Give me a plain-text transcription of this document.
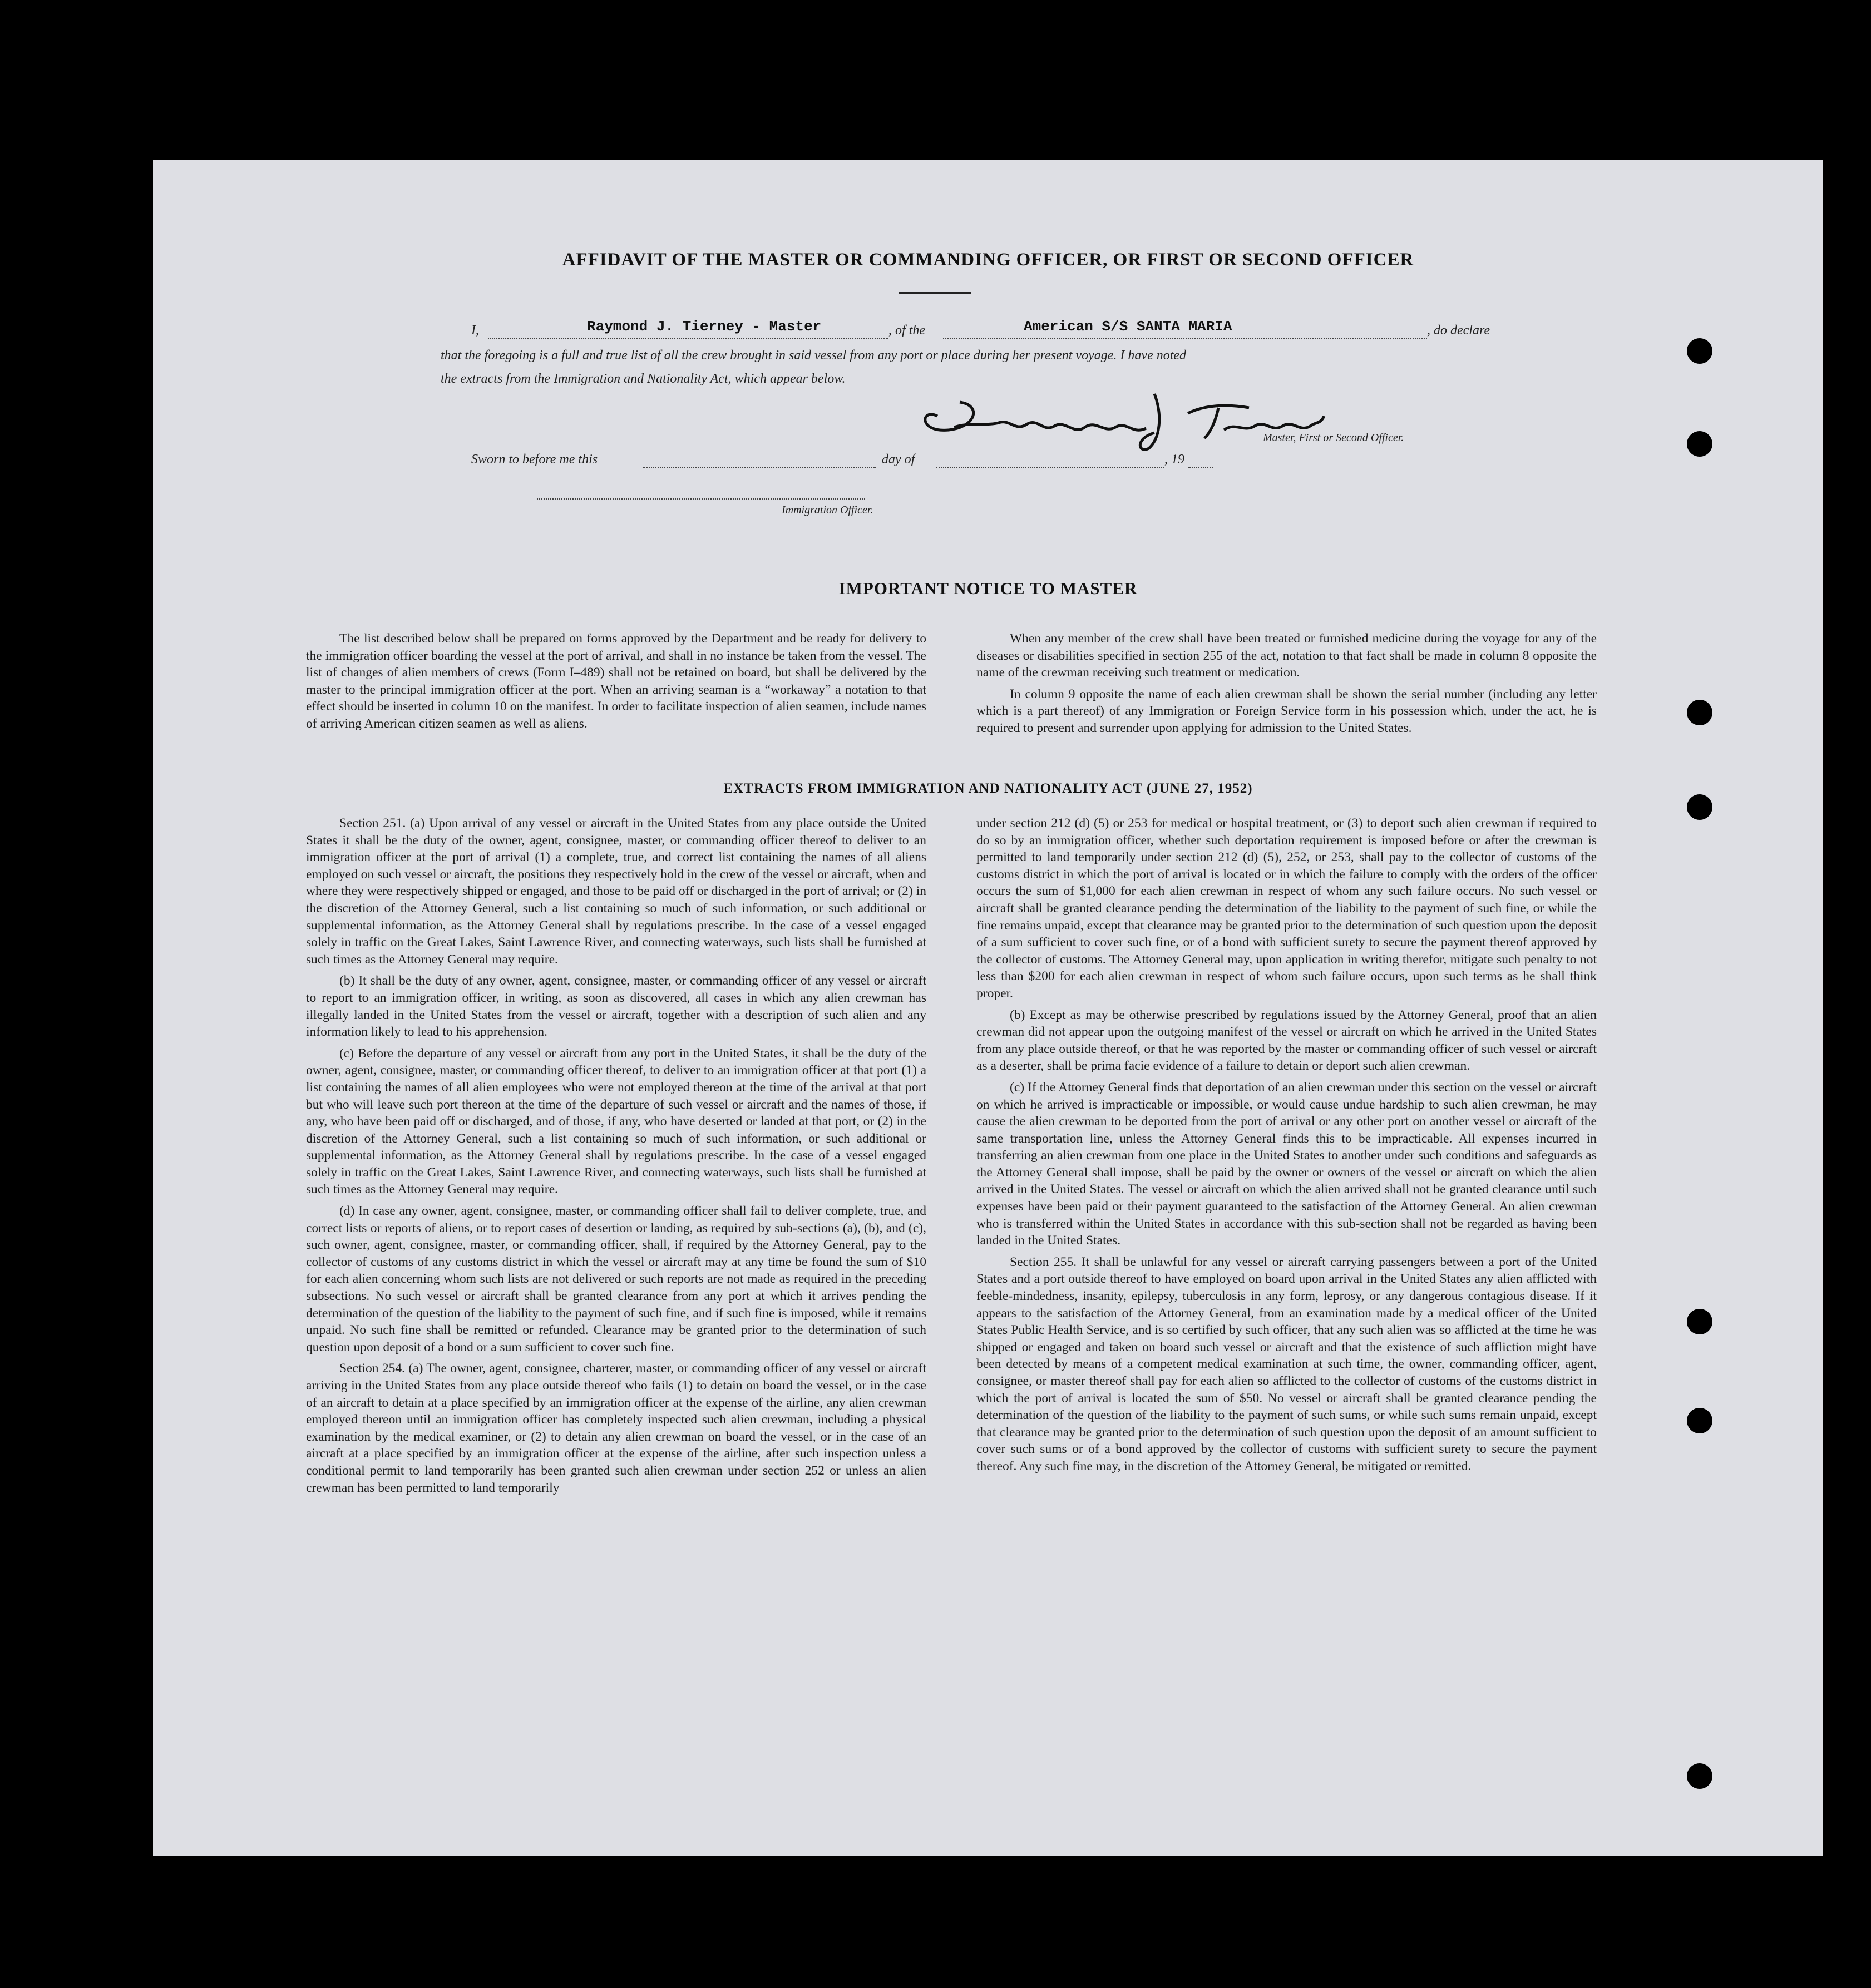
AFFIDAVIT OF THE MASTER OR COMMANDING OFFICER, OR FIRST OR SECOND OFFICER
I,	Raymond J. Tierney - Master	, of the	American S/S SANTA MARIA	, do declare
that the foregoing is a full and true list of all the crew brought in said vessel from any port or place during her present voyage. I have noted
the extracts from the Immigration and Nationality Act, which appear below.
Master, First or Second Officer.
Sworn to before me this	day of	, 19
Immigration Officer.
IMPORTANT NOTICE TO MASTER

The list described below shall be prepared on forms approved by the Department and be ready for delivery to the immigration officer boarding the vessel at the port of arrival, and shall in no instance be taken from the vessel. The list of changes of alien members of crews (Form I–489) shall not be retained on board, but shall be delivered by the master to the principal immigration officer at the port. When an arriving seaman is a “workaway” a notation to that effect should be inserted in column 10 on the manifest. In order to facilitate inspection of alien seamen, include names of arriving American citizen seamen as well as aliens.

When any member of the crew shall have been treated or furnished medicine during the voyage for any of the diseases or disabilities specified in section 255 of the act, notation to that fact shall be made in column 8 opposite the name of the crewman receiving such treatment or medication.

In column 9 opposite the name of each alien crewman shall be shown the serial number (including any letter which is a part thereof) of any Immigration or Foreign Service form in his possession which, under the act, he is required to present and surrender upon applying for admission to the United States.

EXTRACTS FROM IMMIGRATION AND NATIONALITY ACT (JUNE 27, 1952)

Section 251. (a) Upon arrival of any vessel or aircraft in the United States from any place outside the United States it shall be the duty of the owner, agent, consignee, master, or commanding officer thereof to deliver to an immigration officer at the port of arrival (1) a complete, true, and correct list containing the names of all aliens employed on such vessel or aircraft, the positions they respectively hold in the crew of the vessel or aircraft, when and where they were respectively shipped or engaged, and those to be paid off or discharged in the port of arrival; or (2) in the discretion of the Attorney General, such a list containing so much of such information, or such additional or supplemental information, as the Attorney General shall by regulations prescribe. In the case of a vessel engaged solely in traffic on the Great Lakes, Saint Lawrence River, and connecting waterways, such lists shall be furnished at such times as the Attorney General may require.

(b) It shall be the duty of any owner, agent, consignee, master, or commanding officer of any vessel or aircraft to report to an immigration officer, in writing, as soon as discovered, all cases in which any alien crewman has illegally landed in the United States from the vessel or aircraft, together with a description of such alien and any information likely to lead to his apprehension.

(c) Before the departure of any vessel or aircraft from any port in the United States, it shall be the duty of the owner, agent, consignee, master, or commanding officer thereof, to deliver to an immigration officer at that port (1) a list containing the names of all alien employees who were not employed thereon at the time of the arrival at that port but who will leave such port thereon at the time of the departure of such vessel or aircraft and the names of those, if any, who have been paid off or discharged, and of those, if any, who have deserted or landed at that port, or (2) in the discretion of the Attorney General, such a list containing so much of such information, or such additional or supplemental information, as the Attorney General shall by regulations prescribe. In the case of a vessel engaged solely in traffic on the Great Lakes, Saint Lawrence River, and connecting waterways, such lists shall be furnished at such times as the Attorney General may require.

(d) In case any owner, agent, consignee, master, or commanding officer shall fail to deliver complete, true, and correct lists or reports of aliens, or to report cases of desertion or landing, as required by sub-sections (a), (b), and (c), such owner, agent, consignee, master, or commanding officer, shall, if required by the Attorney General, pay to the collector of customs of any customs district in which the vessel or aircraft may at any time be found the sum of $10 for each alien concerning whom such lists are not delivered or such reports are not made as required in the preceding subsections. No such vessel or aircraft shall be granted clearance from any port at which it arrives pending the determination of the question of the liability to the payment of such fine, and if such fine is imposed, while it remains unpaid. No such fine shall be remitted or refunded. Clearance may be granted prior to the determination of such question upon deposit of a bond or a sum sufficient to cover such fine.

Section 254. (a) The owner, agent, consignee, charterer, master, or commanding officer of any vessel or aircraft arriving in the United States from any place outside thereof who fails (1) to detain on board the vessel, or in the case of an aircraft to detain at a place specified by an immigration officer at the expense of the airline, any alien crewman employed thereon until an immigration officer has completely inspected such alien crewman, including a physical examination by the medical examiner, or (2) to detain any alien crewman on board the vessel, or in the case of an aircraft at a place specified by an immigration officer at the expense of the airline, after such inspection unless a conditional permit to land temporarily has been granted such alien crewman under section 252 or unless an alien crewman has been permitted to land temporarily

under section 212 (d) (5) or 253 for medical or hospital treatment, or (3) to deport such alien crewman if required to do so by an immigration officer, whether such deportation requirement is imposed before or after the crewman is permitted to land temporarily under section 212 (d) (5), 252, or 253, shall pay to the collector of customs of the customs district in which the port of arrival is located or in which the failure to comply with the orders of the officer occurs the sum of $1,000 for each alien crewman in respect of whom any such failure occurs. No such vessel or aircraft shall be granted clearance pending the determination of the liability to the payment of such fine, or while the fine remains unpaid, except that clearance may be granted prior to the determination of such question upon the deposit of a sum sufficient to cover such fine, or of a bond with sufficient surety to secure the payment thereof approved by the collector of customs. The Attorney General may, upon application in writing therefor, mitigate such penalty to not less than $200 for each alien crewman in respect of whom such failure occurs, upon such terms as he shall think proper.

(b) Except as may be otherwise prescribed by regulations issued by the Attorney General, proof that an alien crewman did not appear upon the outgoing manifest of the vessel or aircraft on which he arrived in the United States from any place outside thereof, or that he was reported by the master or commanding officer of such vessel or aircraft as a deserter, shall be prima facie evidence of a failure to detain or deport such alien crewman.

(c) If the Attorney General finds that deportation of an alien crewman under this section on the vessel or aircraft on which he arrived is impracticable or impossible, or would cause undue hardship to such alien crewman, he may cause the alien crewman to be deported from the port of arrival or any other port on another vessel or aircraft of the same transportation line, unless the Attorney General finds this to be impracticable. All expenses incurred in transferring an alien crewman from one place in the United States to another under such conditions and safeguards as the Attorney General shall impose, shall be paid by the owner or owners of the vessel or aircraft on which the alien arrived in the United States. The vessel or aircraft on which the alien arrived shall not be granted clearance until such expenses have been paid or their payment guaranteed to the satisfaction of the Attorney General. An alien crewman who is transferred within the United States in accordance with this sub-section shall not be regarded as having been landed in the United States.

Section 255. It shall be unlawful for any vessel or aircraft carrying passengers between a port of the United States and a port outside thereof to have employed on board upon arrival in the United States any alien afflicted with feeble-mindedness, insanity, epilepsy, tuberculosis in any form, leprosy, or any dangerous contagious disease. If it appears to the satisfaction of the Attorney General, from an examination made by a medical officer of the United States Public Health Service, and is so certified by such officer, that any such alien was so afflicted at the time he was shipped or engaged and taken on board such vessel or aircraft and that the existence of such affliction might have been detected by means of a competent medical examination at such time, the owner, commanding officer, agent, consignee, or master thereof shall pay for each alien so afflicted to the collector of customs of the customs district in which the port of arrival is located the sum of $50. No vessel or aircraft shall be granted clearance pending the determination of the question of the liability to the payment of such sums, or while such sums remain unpaid, except that clearance may be granted prior to the determination of such question upon the deposit of an amount sufficient to cover such sums or of a bond approved by the collector of customs with sufficient surety to secure the payment thereof. Any such fine may, in the discretion of the Attorney General, be mitigated or remitted.
